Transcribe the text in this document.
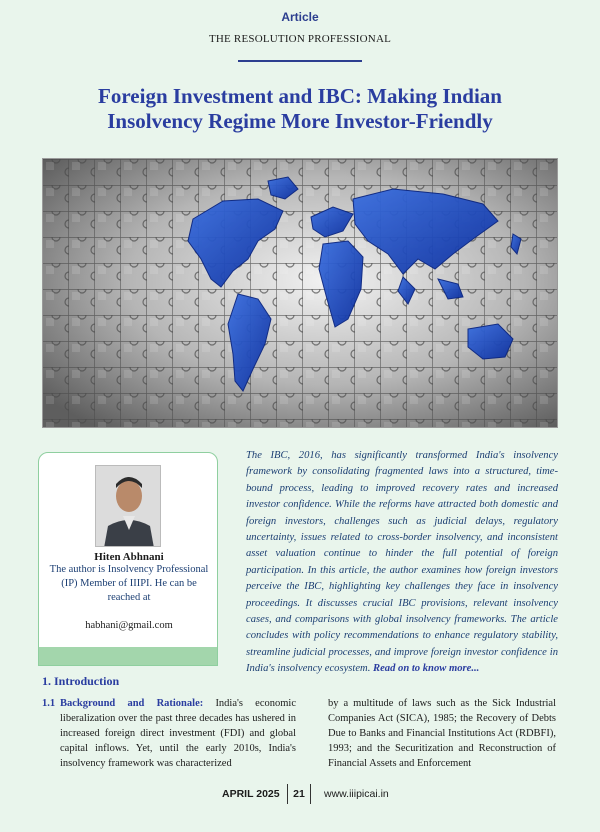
Article
THE RESOLUTION PROFESSIONAL
Foreign Investment and IBC: Making Indian
Insolvency Regime More Investor-Friendly
Hiten Abhnani
The author is Insolvency Professional (IP) Member of IIIPI. He can be reached at
habhani@gmail.com
The IBC, 2016, has significantly transformed India's insolvency framework by consolidating fragmented laws into a structured, time-bound process, leading to improved recovery rates and increased investor confidence. While the reforms have attracted both domestic and foreign investors, challenges such as judicial delays, regulatory uncertainty, issues related to cross-border insolvency, and inconsistent asset valuation continue to hinder the full potential of foreign participation. In this article, the author examines how foreign investors perceive the IBC, highlighting key challenges they face in insolvency proceedings. It discusses crucial IBC provisions, relevant insolvency cases, and comparisons with global insolvency frameworks. The article concludes with policy recommendations to enhance regulatory stability, streamline judicial processes, and improve foreign investor confidence in India's insolvency ecosystem. Read on to know more...
1. Introduction
1.1 Background and Rationale: India's economic liberalization over the past three decades has ushered in increased foreign direct investment (FDI) and global capital inflows. Yet, until the early 2010s, India's insolvency framework was characterized
by a multitude of laws such as the Sick Industrial Companies Act (SICA), 1985; the Recovery of Debts Due to Banks and Financial Institutions Act (RDBFI), 1993; and the Securitization and Reconstruction of Financial Assets and Enforcement
APRIL 2025	21	www.iiipicai.in
